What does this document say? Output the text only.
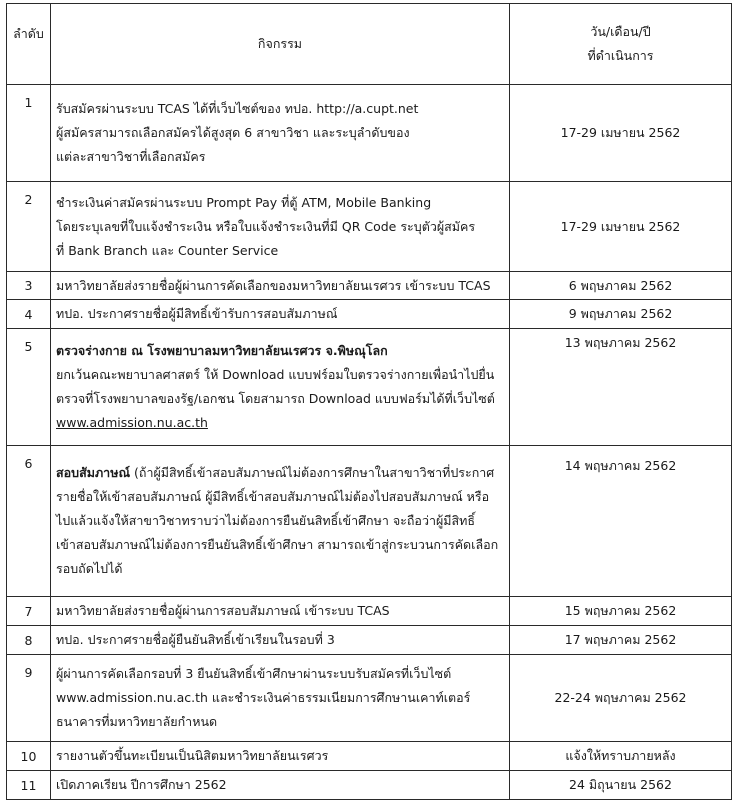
ลำดับ	กิจกรรม	วัน/เดือน/ปี
ที่ดำเนินการ

1	รับสมัครผ่านระบบ TCAS ได้ที่เว็บไซต์ของ ทปอ. http://a.cupt.net
ผู้สมัครสามารถเลือกสมัครได้สูงสุด 6 สาขาวิชา และระบุลำดับของ
แต่ละสาขาวิชาที่เลือกสมัคร	17-29 เมษายน 2562
2	ชำระเงินค่าสมัครผ่านระบบ Prompt Pay ที่ตู้ ATM, Mobile Banking
โดยระบุเลขที่ใบแจ้งชำระเงิน หรือใบแจ้งชำระเงินที่มี QR Code ระบุตัวผู้สมัคร
ที่ Bank Branch และ Counter Service	17-29 เมษายน 2562
3	มหาวิทยาลัยส่งรายชื่อผู้ผ่านการคัดเลือกของมหาวิทยาลัยนเรศวร เข้าระบบ TCAS	6 พฤษภาคม 2562
4	ทปอ. ประกาศรายชื่อผู้มีสิทธิ์เข้ารับการสอบสัมภาษณ์	9 พฤษภาคม 2562
5	ตรวจร่างกาย ณ โรงพยาบาลมหาวิทยาลัยนเรศวร จ.พิษณุโลก
ยกเว้นคณะพยาบาลศาสตร์ ให้ Download แบบฟร์อมใบตรวจร่างกายเพื่อนำไปยื่น
ตรวจที่โรงพยาบาลของรัฐ/เอกชน โดยสามารถ Download แบบฟอร์มได้ที่เว็บไซต์
www.admission.nu.ac.th	13 พฤษภาคม 2562
6	สอบสัมภาษณ์ (ถ้าผู้มีสิทธิ์เข้าสอบสัมภาษณ์ไม่ต้องการศึกษาในสาขาวิชาที่ประกาศ
รายชื่อให้เข้าสอบสัมภาษณ์ ผู้มีสิทธิ์เข้าสอบสัมภาษณ์ไม่ต้องไปสอบสัมภาษณ์ หรือ
ไปแล้วแจ้งให้สาขาวิชาทราบว่าไม่ต้องการยืนยันสิทธิ์เข้าศึกษา จะถือว่าผู้มีสิทธิ์
เข้าสอบสัมภาษณ์ไม่ต้องการยืนยันสิทธิ์เข้าศึกษา สามารถเข้าสู่กระบวนการคัดเลือก
รอบถัดไปได้	14 พฤษภาคม 2562
7	มหาวิทยาลัยส่งรายชื่อผู้ผ่านการสอบสัมภาษณ์ เข้าระบบ TCAS	15 พฤษภาคม 2562
8	ทปอ. ประกาศรายชื่อผู้ยืนยันสิทธิ์เข้าเรียนในรอบที่ 3	17 พฤษภาคม 2562
9	ผู้ผ่านการคัดเลือกรอบที่ 3 ยืนยันสิทธิ์เข้าศึกษาผ่านระบบรับสมัครที่เว็บไซต์
www.admission.nu.ac.th และชำระเงินค่าธรรมเนียมการศึกษานเคาท์เตอร์
ธนาคารที่มหาวิทยาลัยกำหนด	22-24 พฤษภาคม 2562
10	รายงานตัวขึ้นทะเบียนเป็นนิสิตมหาวิทยาลัยนเรศวร	แจ้งให้ทราบภายหลัง
11	เปิดภาคเรียน ปีการศึกษา 2562	24 มิถุนายน 2562
